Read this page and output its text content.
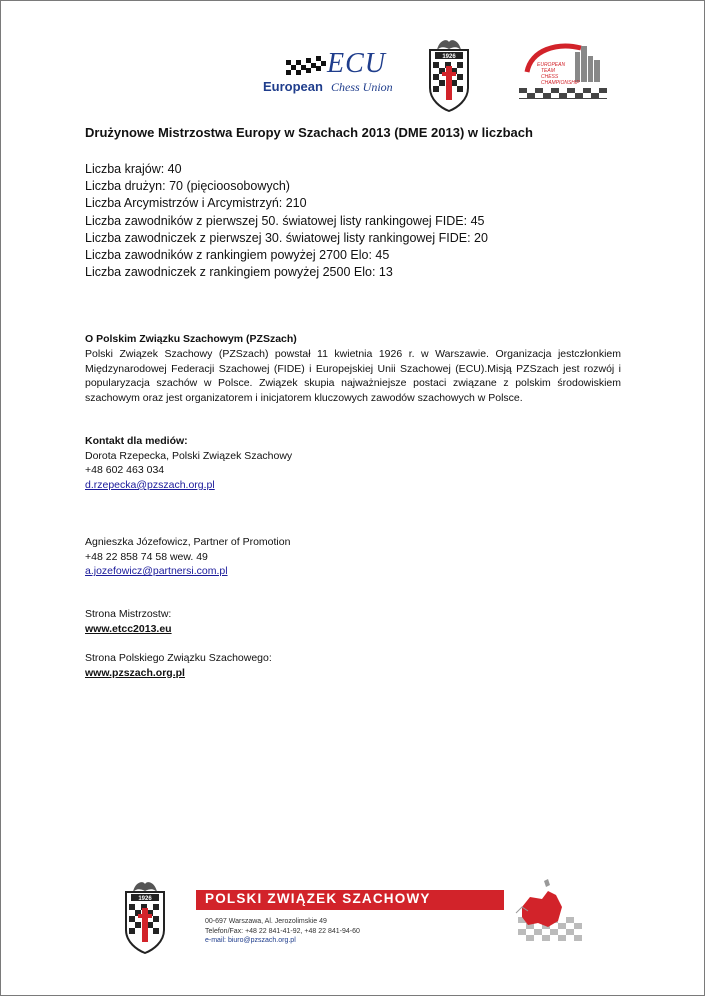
ECU
European Chess Union
1926
EUROPEAN
TEAM
CHESS
CHAMPIONSHIP
Drużynowe Mistrzostwa Europy w Szachach 2013 (DME 2013) w liczbach
Liczba krajów: 40
Liczba drużyn: 70 (pięcioosobowych)
Liczba Arcymistrzów i Arcymistrzyń: 210
Liczba zawodników z pierwszej 50. światowej listy rankingowej FIDE: 45
Liczba zawodniczek z pierwszej 30. światowej listy rankingowej FIDE: 20
Liczba zawodników z rankingiem powyżej 2700 Elo: 45
Liczba zawodniczek z rankingiem powyżej 2500 Elo: 13
O Polskim Związku Szachowym (PZSzach)

Polski Związek Szachowy (PZSzach) powstał 11 kwietnia 1926 r. w Warszawie. Organizacja jestczłonkiem Międzynarodowej Federacji Szachowej (FIDE) i Europejskiej Unii Szachowej (ECU).Misją PZSzach jest rozwój i popularyzacja szachów w Polsce. Związek skupia najważniejsze postaci związane z polskim środowiskiem szachowym oraz jest organizatorem i inicjatorem kluczowych zawodów szachowych w Polsce.

Kontakt dla mediów:
Dorota Rzepecka, Polski Związek Szachowy
+48 602 463 034
d.rzepecka@pzszach.org.pl
Agnieszka Józefowicz, Partner of Promotion
+48 22 858 74 58 wew. 49
a.jozefowicz@partnersi.com.pl
Strona Mistrzostw:
www.etcc2013.eu
Strona Polskiego Związku Szachowego:
www.pzszach.org.pl
1926	POLSKI ZWIĄZEK SZACHOWY
00-697 Warszawa, Al. Jerozolimskie 49
Telefon/Fax: +48 22 841-41-92, +48 22 841-94-60
e-mail: biuro@pzszach.org.pl
